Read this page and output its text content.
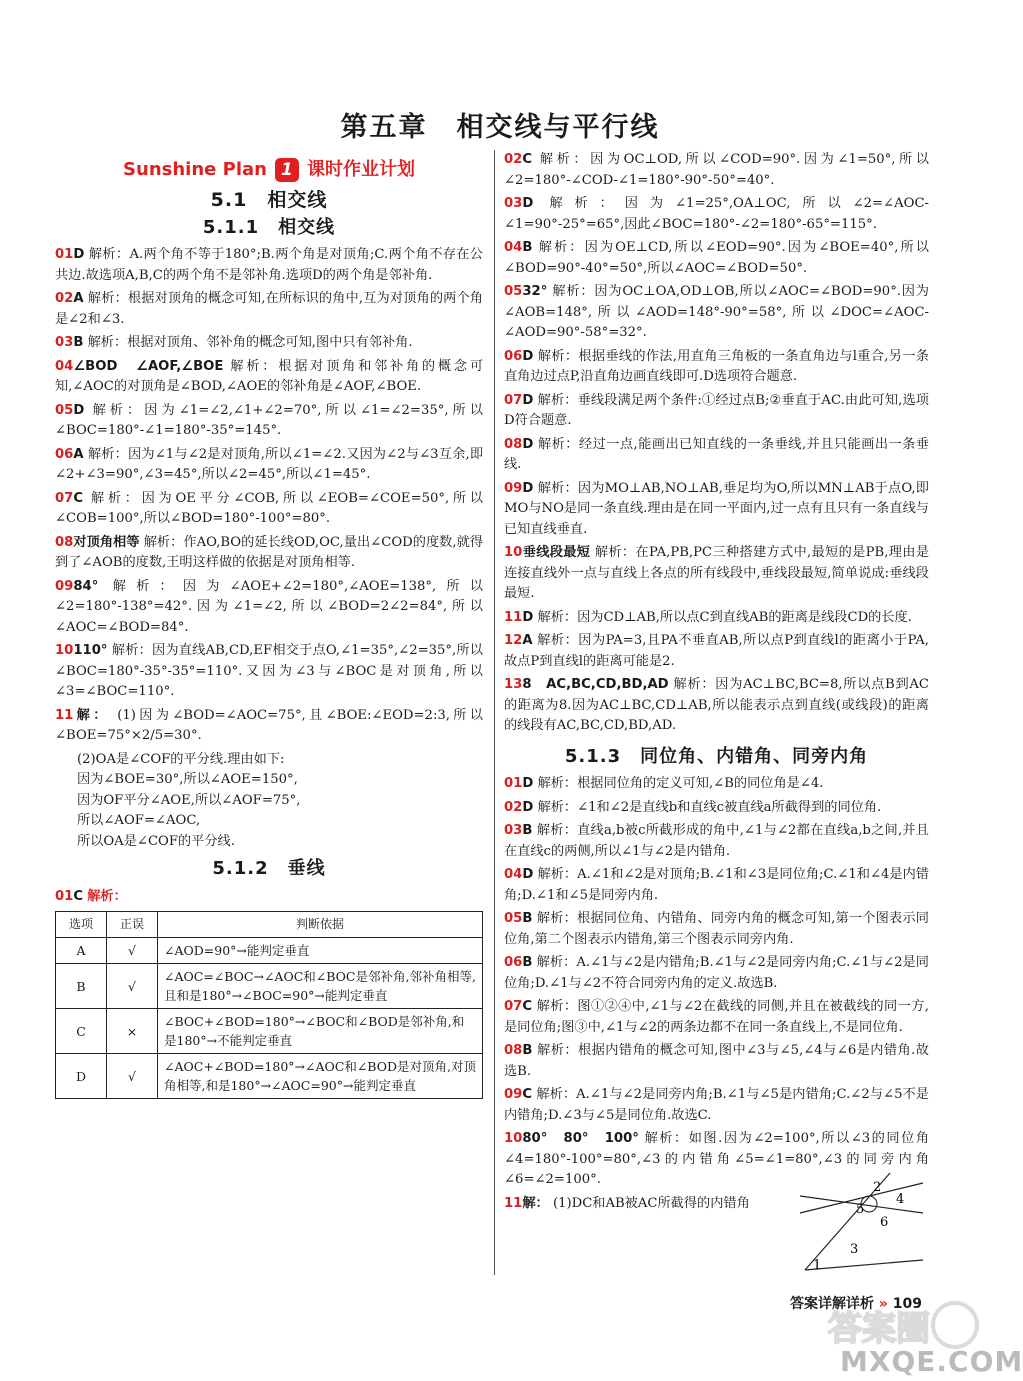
第五章　相交线与平行线
Sunshine Plan 1 课时作业计划
5.1　相交线
5.1.1　相交线
01D 解析：A.两个角不等于180°;B.两个角是对顶角;C.两个角不存在公共边.故选项A,B,C的两个角不是邻补角.选项D的两个角是邻补角.
02A 解析：根据对顶角的概念可知,在所标识的角中,互为对顶角的两个角是∠2和∠3.
03B 解析：根据对顶角、邻补角的概念可知,图中只有邻补角.
04∠BOD　∠AOF,∠BOE 解析：根据对顶角和邻补角的概念可知,∠AOC的对顶角是∠BOD,∠AOE的邻补角是∠AOF,∠BOE.
05D 解析：因为∠1=∠2,∠1+∠2=70°,所以∠1=∠2=35°,所以∠BOC=180°-∠1=180°-35°=145°.
06A 解析：因为∠1与∠2是对顶角,所以∠1=∠2.又因为∠2与∠3互余,即∠2+∠3=90°,∠3=45°,所以∠2=45°,所以∠1=45°.
07C 解析：因为OE平分∠COB,所以∠EOB=∠COE=50°,所以∠COB=100°,所以∠BOD=180°-100°=80°.
08对顶角相等 解析：作AO,BO的延长线OD,OC,量出∠COD的度数,就得到了∠AOB的度数,王明这样做的依据是对顶角相等.
0984° 解析：因为∠AOE+∠2=180°,∠AOE=138°,所以∠2=180°-138°=42°.因为∠1=∠2,所以∠BOD=2∠2=84°,所以∠AOC=∠BOD=84°.
10110° 解析：因为直线AB,CD,EF相交于点O,∠1=35°,∠2=35°,所以∠BOC=180°-35°-35°=110°.又因为∠3与∠BOC是对顶角,所以∠3=∠BOC=110°.
11解： (1)因为∠BOD=∠AOC=75°,且∠BOE:∠EOD=2:3,所以∠BOE=75°×2/5=30°.
(2)OA是∠COF的平分线.理由如下:
因为∠BOE=30°,所以∠AOE=150°,
因为OF平分∠AOE,所以∠AOF=75°,
所以∠AOF=∠AOC,
所以OA是∠COF的平分线.
5.1.2　垂线
01C 解析：
选项	正误	判断依据
A	√	∠AOD=90°→能判定垂直
B	√	∠AOC=∠BOC→∠AOC和∠BOC是邻补角,邻补角相等,且和是180°→∠BOC=90°→能判定垂直
C	×	∠BOC+∠BOD=180°→∠BOC和∠BOD是邻补角,和是180°→不能判定垂直
D	√	∠AOC+∠BOD=180°→∠AOC和∠BOD是对顶角,对顶角相等,和是180°→∠AOC=90°→能判定垂直
02C 解析：因为OC⊥OD,所以∠COD=90°.因为∠1=50°,所以∠2=180°-∠COD-∠1=180°-90°-50°=40°.
03D 解析：因为∠1=25°,OA⊥OC,所以∠2=∠AOC-∠1=90°-25°=65°,因此∠BOC=180°-∠2=180°-65°=115°.
04B 解析：因为OE⊥CD,所以∠EOD=90°.因为∠BOE=40°,所以∠BOD=90°-40°=50°,所以∠AOC=∠BOD=50°.
0532° 解析：因为OC⊥OA,OD⊥OB,所以∠AOC=∠BOD=90°.因为∠AOB=148°,所以∠AOD=148°-90°=58°,所以∠DOC=∠AOC-∠AOD=90°-58°=32°.
06D 解析：根据垂线的作法,用直角三角板的一条直角边与l重合,另一条直角边过点P,沿直角边画直线即可.D选项符合题意.
07D 解析：垂线段满足两个条件:①经过点B;②垂直于AC.由此可知,选项D符合题意.
08D 解析：经过一点,能画出已知直线的一条垂线,并且只能画出一条垂线.
09D 解析：因为MO⊥AB,NO⊥AB,垂足均为O,所以MN⊥AB于点O,即MO与NO是同一条直线.理由是在同一平面内,过一点有且只有一条直线与已知直线垂直.
10垂线段最短 解析：在PA,PB,PC三种搭建方式中,最短的是PB,理由是连接直线外一点与直线上各点的所有线段中,垂线段最短,简单说成:垂线段最短.
11D 解析：因为CD⊥AB,所以点C到直线AB的距离是线段CD的长度.
12A 解析：因为PA=3,且PA不垂直AB,所以点P到直线l的距离小于PA,故点P到直线l的距离可能是2.
138　AC,BC,CD,BD,AD 解析：因为AC⊥BC,BC=8,所以点B到AC的距离为8.因为AC⊥BC,CD⊥AB,所以能表示点到直线(或线段)的距离的线段有AC,BC,CD,BD,AD.
5.1.3　同位角、内错角、同旁内角
01D 解析：根据同位角的定义可知,∠B的同位角是∠4.
02D 解析：∠1和∠2是直线b和直线c被直线a所截得到的同位角.
03B 解析：直线a,b被c所截形成的角中,∠1与∠2都在直线a,b之间,并且在直线c的两侧,所以∠1与∠2是内错角.
04D 解析：A.∠1和∠2是对顶角;B.∠1和∠3是同位角;C.∠1和∠4是内错角;D.∠1和∠5是同旁内角.
05B 解析：根据同位角、内错角、同旁内角的概念可知,第一个图表示同位角,第二个图表示内错角,第三个图表示同旁内角.
06B 解析：A.∠1与∠2是内错角;B.∠1与∠2是同旁内角;C.∠1与∠2是同位角;D.∠1与∠2不符合同旁内角的定义.故选B.
07C 解析：图①②④中,∠1与∠2在截线的同侧,并且在被截线的同一方,是同位角;图③中,∠1与∠2的两条边都不在同一条直线上,不是同位角.
08B 解析：根据内错角的概念可知,图中∠3与∠5,∠4与∠6是内错角.故选B.
09C 解析：A.∠1与∠2是同旁内角;B.∠1与∠5是内错角;C.∠2与∠5不是内错角;D.∠3与∠5是同位角.故选C.
1080°　80°　100° 解析：如图.因为∠2=100°,所以∠3的同位角∠4=180°-100°=80°,∠3的内错角∠5=∠1=80°,∠3的同旁内角∠6=∠2=100°.
11解： (1)DC和AB被AC所截得的内错角
2
4
5
6
1
3
答案详解详析 » 109
答案圈
MXQE.COM
